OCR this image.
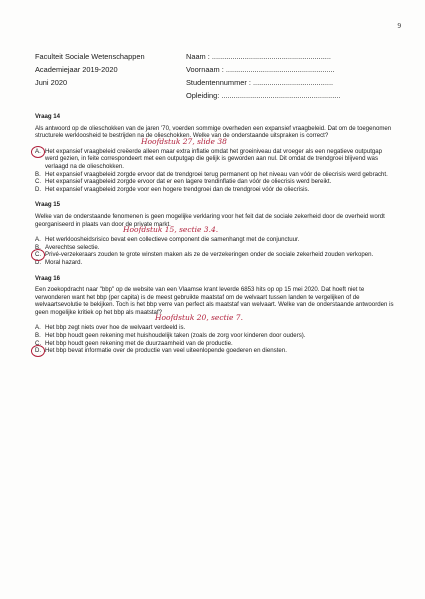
9
Faculteit Sociale Wetenschappen
Academiejaar 2019-2020
Juni 2020
Naam : ..........................................................
Voornaam : .....................................................
Studentennummer : .......................................
Opleiding: ..........................................................
Vraag 14
Als antwoord op de olieschokken van de jaren '70, voerden sommige overheden een expansief vraagbeleid. Dat om de toegenomen structurele werkloosheid te bestrijden na de olieschokken. Welke van de onderstaande uitspraken is correct?
Hoofdstuk 27, slide 38
A. Het expansief vraagbeleid creëerde alleen maar extra inflatie omdat het groeiniveau dat vroeger als een negatieve outputgap werd gezien, in feite correspondeert met een outputgap die gelijk is geworden aan nul. Dit omdat de trendgroei blijvend was verlaagd na de olieschokken.
B. Het expansief vraagbeleid zorgde ervoor dat de trendgroei terug permanent op het niveau van vóór de oliecrisis werd gebracht.
C. Het expansief vraagbeleid zorgde ervoor dat er een lagere trendinflatie dan vóór de oliecrisis werd bereikt.
D. Het expansief vraagbeleid zorgde voor een hogere trendgroei dan de trendgroei vóór de oliecrisis.
Vraag 15
Welke van de onderstaande fenomenen is geen mogelijke verklaring voor het feit dat de sociale zekerheid door de overheid wordt georganiseerd in plaats van door de private markt.
Hoofdstuk 15, sectie 3.4.
A. Het werkloosheidsrisico bevat een collectieve component die samenhangt met de conjunctuur.
B. Averechtse selectie.
C. Privé-verzekeraars zouden te grote winsten maken als ze de verzekeringen onder de sociale zekerheid zouden verkopen.
D. Moral hazard.
Vraag 16
Een zoekopdracht naar "bbp" op de website van een Vlaamse krant leverde 6853 hits op op 15 mei 2020. Dat hoeft niet te verwonderen want het bbp (per capita) is de meest gebruikte maatstaf om de welvaart tussen landen te vergelijken of de welvaartsevolutie te bekijken. Toch is het bbp verre van perfect als maatstaf van welvaart. Welke van de onderstaande antwoorden is geen mogelijke kritiek op het bbp als maatstaf?
Hoofdstuk 20, sectie 7.
A. Het bbp zegt niets over hoe de welvaart verdeeld is.
B. Het bbp houdt geen rekening met huishoudelijk taken (zoals de zorg voor kinderen door ouders).
C. Het bbp houdt geen rekening met de duurzaamheid van de productie.
D. Het bbp bevat informatie over de productie van veel uiteenlopende goederen en diensten.
